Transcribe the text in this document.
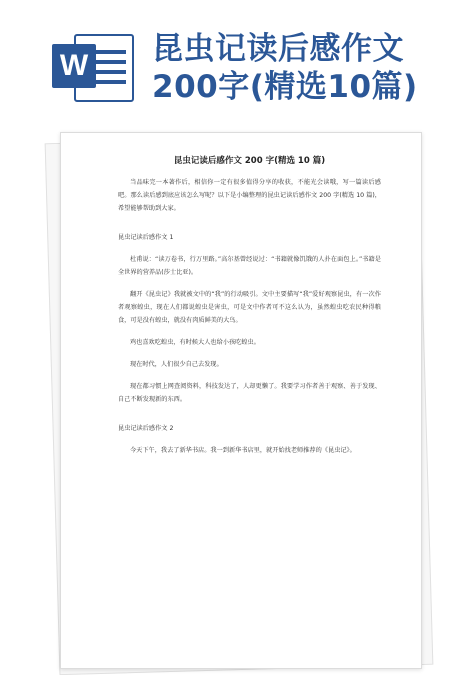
W 昆虫记读后感作文
200字(精选10篇)
昆虫记读后感作文 200 字(精选 10 篇)

当品味完一本著作后，相信你一定有很多值得分享的收获，不能光会读哦，写一篇读后感吧。那么读后感到底应该怎么写呢？以下是小编整理的昆虫记读后感作文 200 字(精选 10 篇)，希望能够帮助到大家。

昆虫记读后感作文 1

杜甫说：“读万卷书，行万里路。”高尔基曾经说过：“书籍就像饥饿的人扑在面包上。”书籍是全世界的营养品(莎士比亚)。

翻开《昆虫记》我就被文中的“我”的行动吸引。文中主要描写“我”爱好观察昆虫，有一次作者观察蝗虫，现在人们都说蝗虫是害虫，可是文中作者可不这么认为，虽然蝗虫吃农民种得粮食，可是没有蝗虫，就没有肉质鲜美的大鸟。

鸡也喜欢吃蝗虫，有时候大人也给小孩吃蝗虫。

现在时代，人们很少自己去发现。

现在都习惯上网查阅资料，科技发达了，人却更懒了。我要学习作者善于观察、善于发现、自己不断发现新的东西。

昆虫记读后感作文 2

今天下午，我去了新华书店。我一到新华书店里，就开始找老师推荐的《昆虫记》。
